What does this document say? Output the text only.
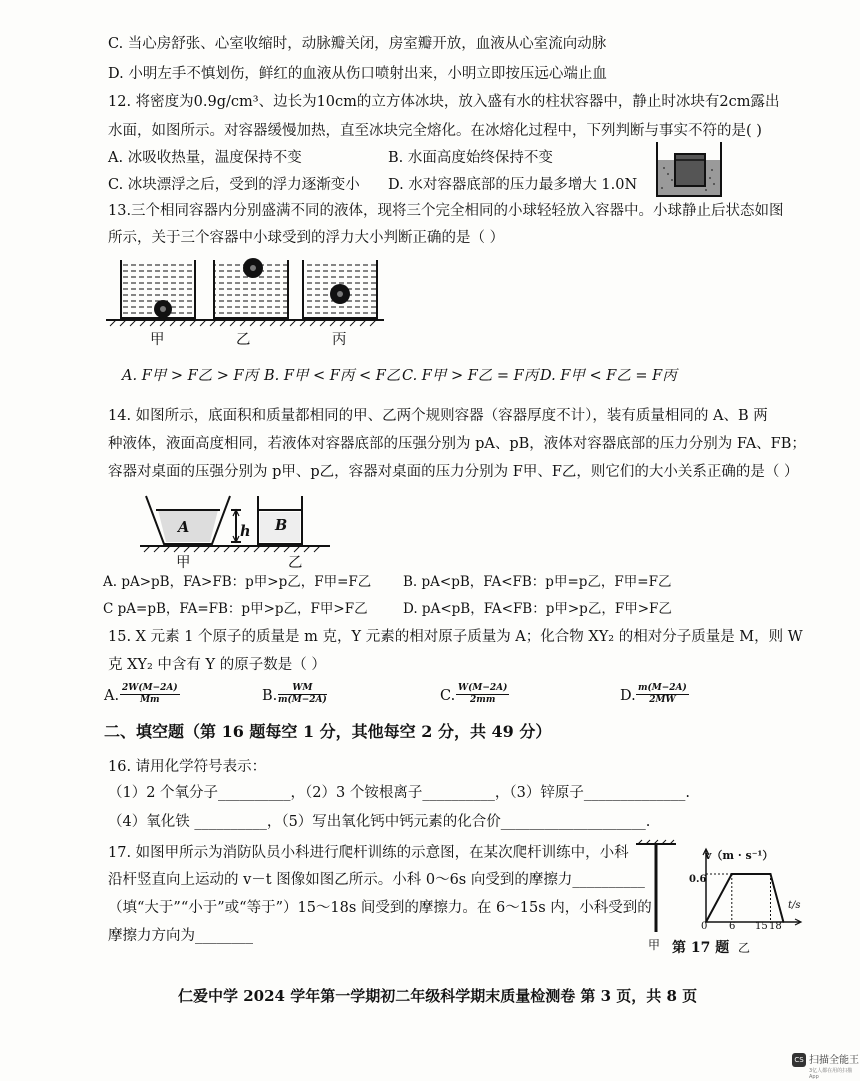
C. 当心房舒张、心室收缩时，动脉瓣关闭，房室瓣开放，血液从心室流向动脉
D. 小明左手不慎划伤，鲜红的血液从伤口喷射出来，小明立即按压远心端止血
12. 将密度为0.9g/cm³、边长为10cm的立方体冰块，放入盛有水的柱状容器中，静止时冰块有2cm露出
水面，如图所示。对容器缓慢加热，直至冰块完全熔化。在冰熔化过程中，下列判断与事实不符的是( )
A. 冰吸收热量，温度保持不变	B. 水面高度始终保持不变
C. 冰块漂浮之后，受到的浮力逐渐变小 D. 水对容器底部的压力最多增大 1.0N
13.三个相同容器内分别盛满不同的液体，现将三个完全相同的小球轻轻放入容器中。小球静止后状态如图
所示，关于三个容器中小球受到的浮力大小判断正确的是（ ）
甲	乙	丙
A. F甲 > F乙 > F丙 B. F甲 < F丙 < F乙 C. F甲 > F乙 = F丙 D. F甲 < F乙 = F丙
14. 如图所示，底面积和质量都相同的甲、乙两个规则容器（容器厚度不计），装有质量相同的 A、B 两
种液体，液面高度相同，若液体对容器底部的压强分别为 pA、pB，液体对容器底部的压力分别为 FA、FB；
容器对桌面的压强分别为 p甲、p乙，容器对桌面的压力分别为 F甲、F乙，则它们的大小关系正确的是（ ）
A	h B
甲	乙
A. pA>pB，FA>FB：p甲>p乙，F甲=F乙 B. pA<pB，FA<FB：p甲=p乙，F甲=F乙
C pA=pB，FA=FB：p甲>p乙，F甲>F乙	D. pA<pB，FA<FB：p甲>p乙，F甲>F乙
15. X 元素 1 个原子的质量是 m 克，Y 元素的相对原子质量为 A；化合物 XY₂ 的相对分子质量是 M，则 W
克 XY₂ 中含有 Y 的原子数是（ ）
A. $\frac{2W(M-2A)}{Mm}$	B. $\frac{WM}{m(M-2A)}$	C. $\frac{W(M-2A)}{2mm}$	D. $\frac{m(M-2A)}{2MW}$
二、填空题（第 16 题每空 1 分，其他每空 2 分，共 49 分）
16. 请用化学符号表示：
（1）2 个氧分子__________，（2）3 个铵根离子__________，（3）锌原子______________.
（4）氧化铁 __________，（5）写出氧化钙中钙元素的化合价____________________.
17. 如图甲所示为消防队员小科进行爬杆训练的示意图，在某次爬杆训练中，小科
沿杆竖直向上运动的 v－t 图像如图乙所示。小科 0～6s 向受到的摩擦力__________
（填“大于”“小于”或“等于”）15～18s 间受到的摩擦力。在 6～15s 内，小科受到的
摩擦力方向为________
v（m · s⁻¹）
t/s
0.6
0 6 15 18
甲 第 17 题 乙
仁爱中学 2024 学年第一学期初二年级科学期末质量检测卷 第 3 页，共 8 页
CS 扫描全能王
3亿人都在用的扫描App
